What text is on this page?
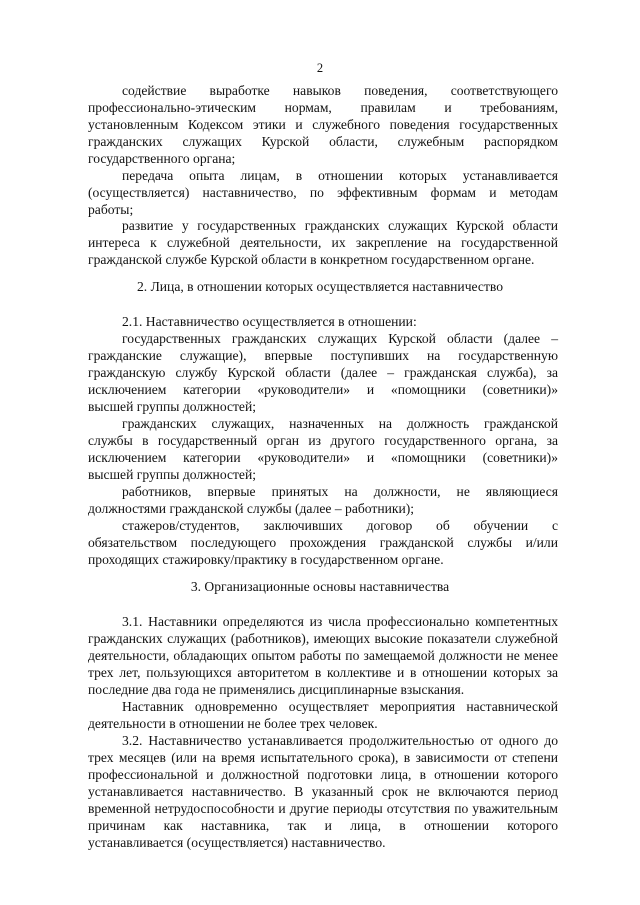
2
содействие выработке навыков поведения, соответствующего
профессионально-этическим нормам, правилам и требованиям,
установленным Кодексом этики и служебного поведения государственных
гражданских служащих Курской области, служебным распорядком
государственного органа;
передача опыта лицам, в отношении которых устанавливается
(осуществляется) наставничество, по эффективным формам и методам
работы;
развитие у государственных гражданских служащих Курской области
интереса к служебной деятельности, их закрепление на государственной
гражданской службе Курской области в конкретном государственном органе.
2. Лица, в отношении которых осуществляется наставничество
2.1. Наставничество осуществляется в отношении:
государственных гражданских служащих Курской области (далее –
гражданские служащие), впервые поступивших на государственную
гражданскую службу Курской области (далее – гражданская служба), за
исключением категории «руководители» и «помощники (советники)»
высшей группы должностей;
гражданских служащих, назначенных на должность гражданской
службы в государственный орган из другого государственного органа, за
исключением категории «руководители» и «помощники (советники)»
высшей группы должностей;
работников, впервые принятых на должности, не являющиеся
должностями гражданской службы (далее – работники);
стажеров/студентов, заключивших договор об обучении с
обязательством последующего прохождения гражданской службы и/или
проходящих стажировку/практику в государственном органе.
3. Организационные основы наставничества
3.1. Наставники определяются из числа профессионально компетентных
гражданских служащих (работников), имеющих высокие показатели служебной
деятельности, обладающих опытом работы по замещаемой должности не менее
трех лет, пользующихся авторитетом в коллективе и в отношении которых за
последние два года не применялись дисциплинарные взыскания.
Наставник одновременно осуществляет мероприятия наставнической
деятельности в отношении не более трех человек.
3.2. Наставничество устанавливается продолжительностью от одного до
трех месяцев (или на время испытательного срока), в зависимости от степени
профессиональной и должностной подготовки лица, в отношении которого
устанавливается наставничество. В указанный срок не включаются период
временной нетрудоспособности и другие периоды отсутствия по уважительным
причинам как наставника, так и лица, в отношении которого
устанавливается (осуществляется) наставничество.
